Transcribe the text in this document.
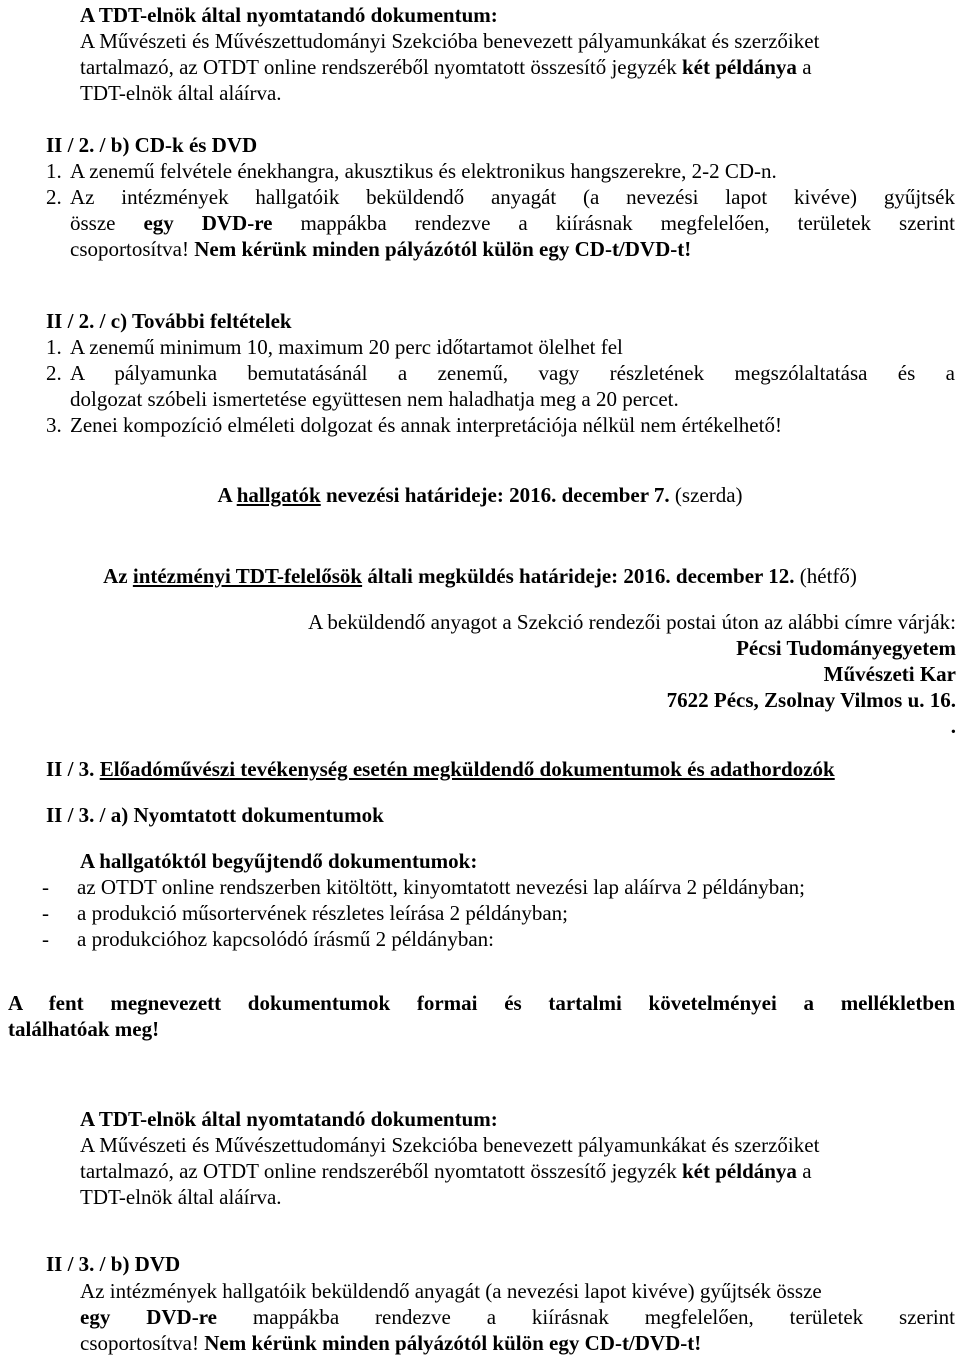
A TDT-elnök által nyomtatandó dokumentum:
A Művészeti és Művészettudományi Szekcióba benevezett pályamunkákat és szerzőiket
tartalmazó, az OTDT online rendszeréből nyomtatott összesítő jegyzék két példánya a
TDT-elnök által aláírva.
II / 2. / b) CD-k és DVD
1. A zenemű felvétele énekhangra, akusztikus és elektronikus hangszerekre, 2-2 CD-n.
2. Az intézmények hallgatóik beküldendő anyagát (a nevezési lapot kivéve) gyűjtsék
össze egy DVD-re mappákba rendezve a kiírásnak megfelelően, területek szerint
csoportosítva! Nem kérünk minden pályázótól külön egy CD-t/DVD-t!
II / 2. / c) További feltételek
1. A zenemű minimum 10, maximum 20 perc időtartamot ölelhet fel
2. A pályamunka bemutatásánál a zenemű, vagy részletének megszólaltatása és a
dolgozat szóbeli ismertetése együttesen nem haladhatja meg a 20 percet.
3. Zenei kompozíció elméleti dolgozat és annak interpretációja nélkül nem értékelhető!
A hallgatók nevezési határideje: 2016. december 7. (szerda)
Az intézményi TDT-felelősök általi megküldés határideje: 2016. december 12. (hétfő)
A beküldendő anyagot a Szekció rendezői postai úton az alábbi címre várják:
Pécsi Tudományegyetem
Művészeti Kar
7622 Pécs, Zsolnay Vilmos u. 16.
.
II / 3. Előadóművészi tevékenység esetén megküldendő dokumentumok és adathordozók
II / 3. / a) Nyomtatott dokumentumok
A hallgatóktól begyűjtendő dokumentumok:
- az OTDT online rendszerben kitöltött, kinyomtatott nevezési lap aláírva 2 példányban;
- a produkció műsortervének részletes leírása 2 példányban;
- a produkcióhoz kapcsolódó írásmű 2 példányban:
A fent megnevezett dokumentumok formai és tartalmi követelményei a mellékletben
találhatóak meg!
A TDT-elnök által nyomtatandó dokumentum:
A Művészeti és Művészettudományi Szekcióba benevezett pályamunkákat és szerzőiket
tartalmazó, az OTDT online rendszeréből nyomtatott összesítő jegyzék két példánya a
TDT-elnök által aláírva.
II / 3. / b) DVD
Az intézmények hallgatóik beküldendő anyagát (a nevezési lapot kivéve) gyűjtsék össze
egy DVD-re mappákba rendezve a kiírásnak megfelelően, területek szerint
csoportosítva! Nem kérünk minden pályázótól külön egy CD-t/DVD-t!
